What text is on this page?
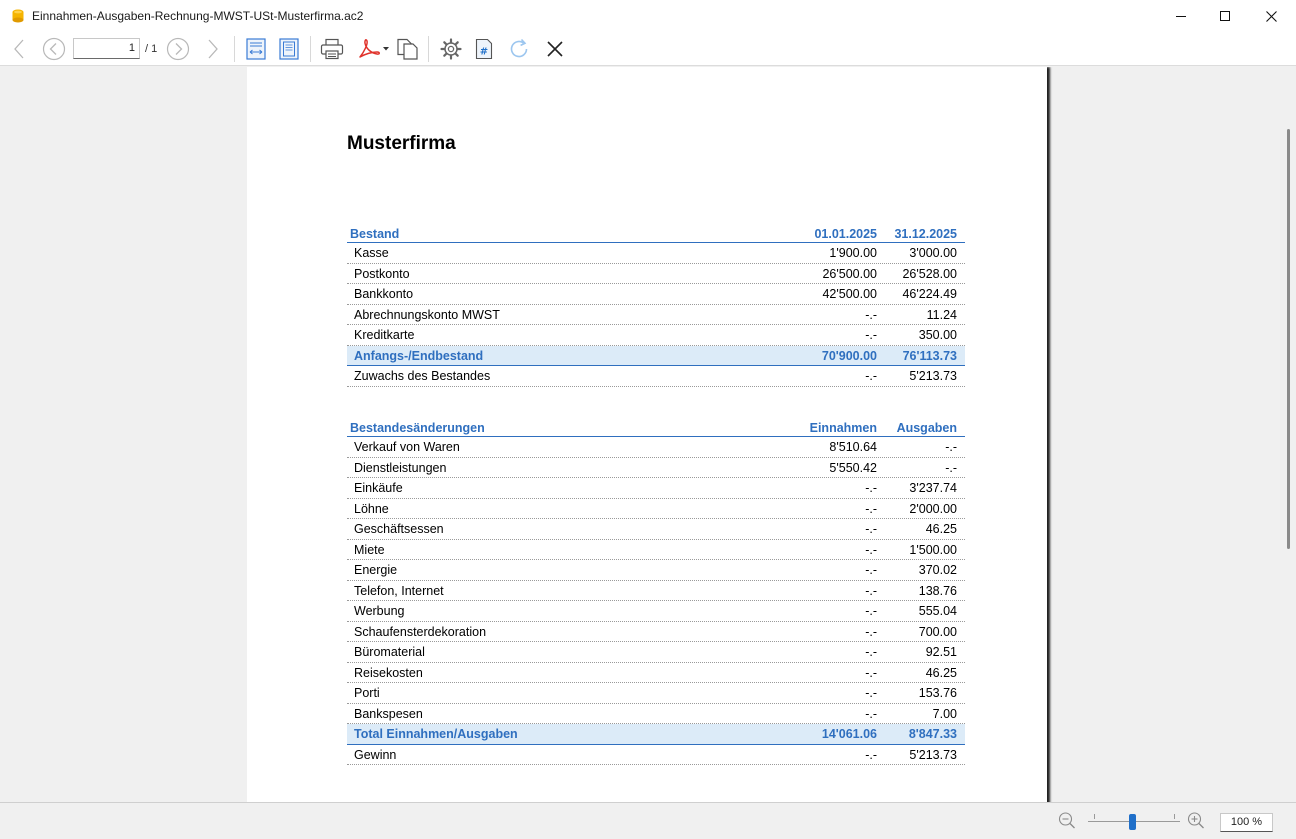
Einnahmen-Ausgaben-Rechnung-MWST-USt-Musterfirma.ac2
1 / 1	#
Musterfirma
Bestand	01.01.2025 31.12.2025
Kasse	1'900.00	3'000.00
Postkonto	26'500.00 26'528.00
Bankkonto	42'500.00 46'224.49
Abrechnungskonto MWST	-.-	11.24
Kreditkarte	-.-	350.00
Anfangs-/Endbestand	70'900.00 76'113.73
Zuwachs des Bestandes	-.-	5'213.73
Bestandesänderungen	Einnahmen Ausgaben
Verkauf von Waren	8'510.64	-.-
Dienstleistungen	5'550.42	-.-
Einkäufe	-.-	3'237.74
Löhne	-.-	2'000.00
Geschäftsessen	-.-	46.25
Miete	-.-	1'500.00
Energie	-.-	370.02
Telefon, Internet	-.-	138.76
Werbung	-.-	555.04
Schaufensterdekoration	-.-	700.00
Büromaterial	-.-	92.51
Reisekosten	-.-	46.25
Porti	-.-	153.76
Bankspesen	-.-	7.00
Total Einnahmen/Ausgaben	14'061.06	8'847.33
Gewinn	-.-	5'213.73
100 %
